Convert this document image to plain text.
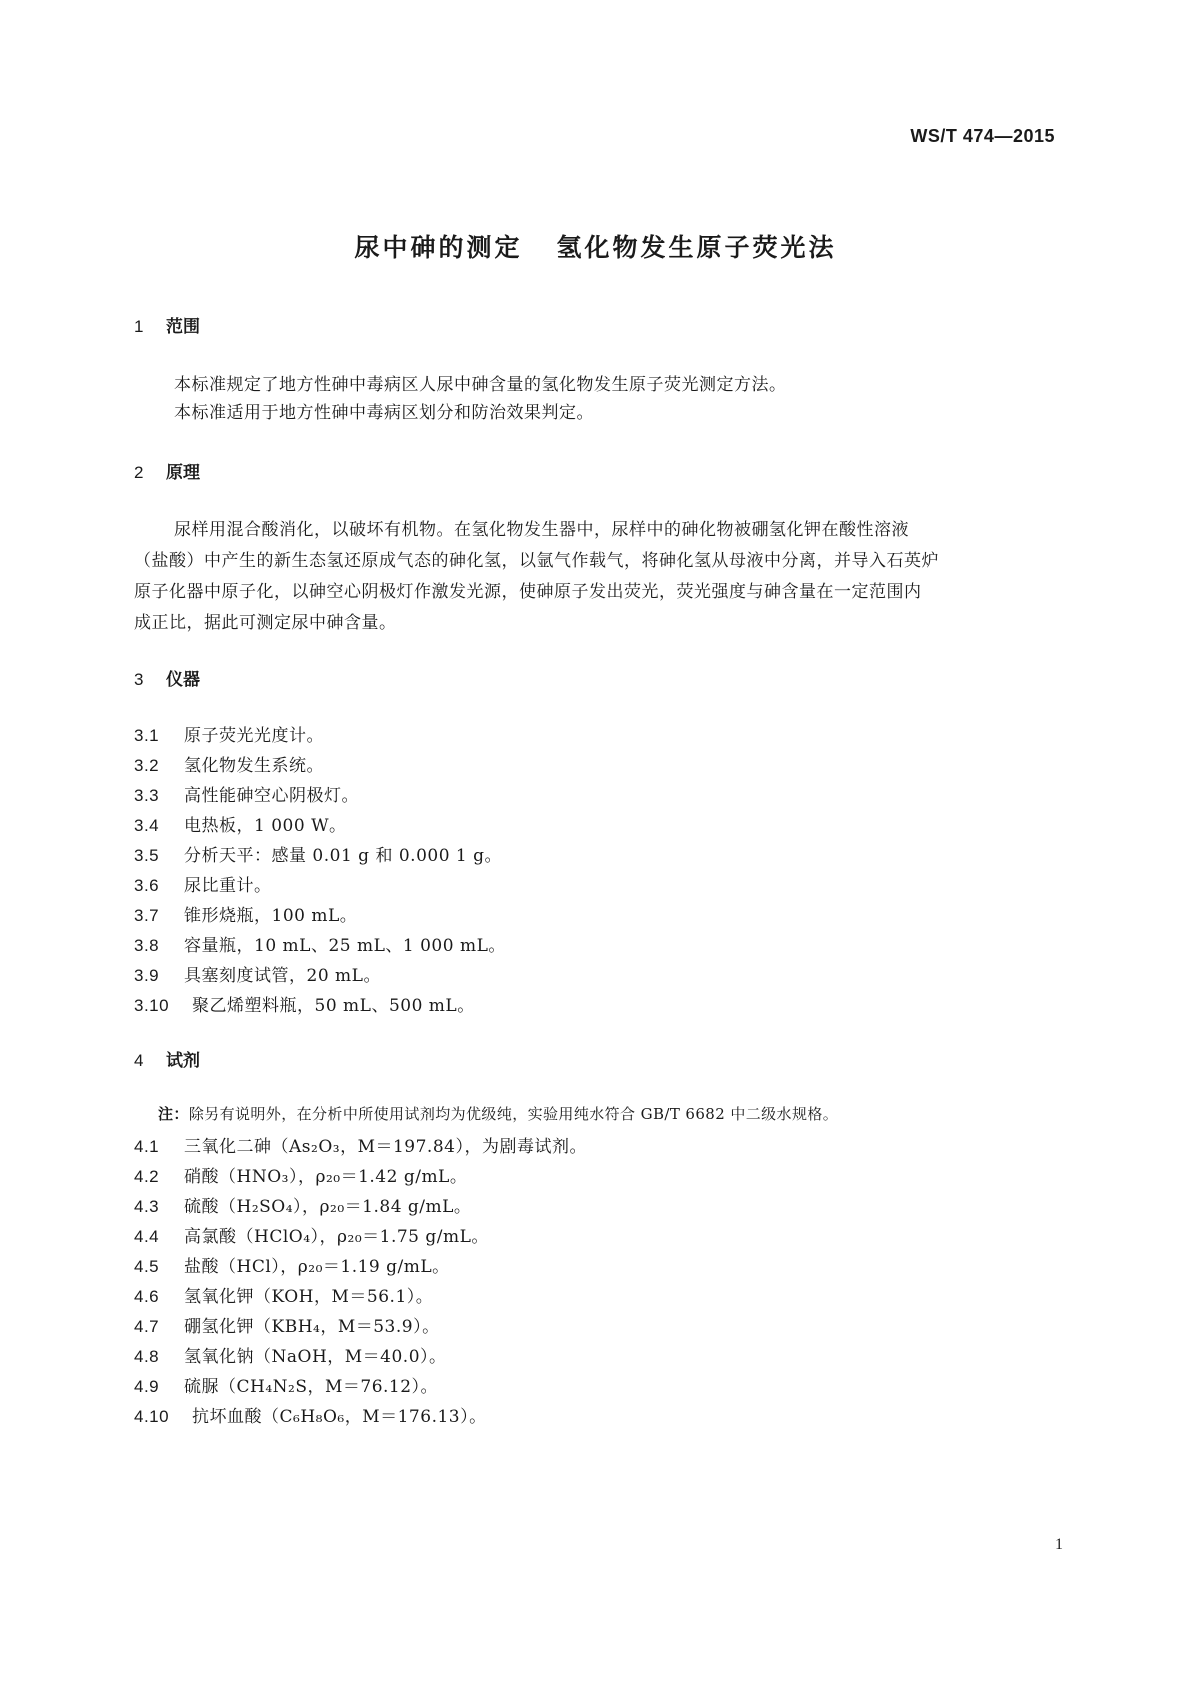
WS/T 474—2015
尿中砷的测定 氢化物发生原子荧光法
1 范围
本标准规定了地方性砷中毒病区人尿中砷含量的氢化物发生原子荧光测定方法。
本标准适用于地方性砷中毒病区划分和防治效果判定。
2 原理
尿样用混合酸消化，以破坏有机物。在氢化物发生器中，尿样中的砷化物被硼氢化钾在酸性溶液
（盐酸）中产生的新生态氢还原成气态的砷化氢，以氩气作载气，将砷化氢从母液中分离，并导入石英炉
原子化器中原子化，以砷空心阴极灯作激发光源，使砷原子发出荧光，荧光强度与砷含量在一定范围内
成正比，据此可测定尿中砷含量。
3 仪器
3.1 原子荧光光度计。
3.2 氢化物发生系统。
3.3 高性能砷空心阴极灯。
3.4 电热板，1 000 W。
3.5 分析天平：感量 0.01 g 和 0.000 1 g。
3.6 尿比重计。
3.7 锥形烧瓶，100 mL。
3.8 容量瓶，10 mL、25 mL、1 000 mL。
3.9 具塞刻度试管，20 mL。
3.10 聚乙烯塑料瓶，50 mL、500 mL。
4 试剂
注：除另有说明外，在分析中所使用试剂均为优级纯，实验用纯水符合 GB/T 6682 中二级水规格。
4.1 三氧化二砷（As₂O₃，M＝197.84），为剧毒试剂。
4.2 硝酸（HNO₃），ρ₂₀＝1.42 g/mL。
4.3 硫酸（H₂SO₄），ρ₂₀＝1.84 g/mL。
4.4 高氯酸（HClO₄），ρ₂₀＝1.75 g/mL。
4.5 盐酸（HCl），ρ₂₀＝1.19 g/mL。
4.6 氢氧化钾（KOH，M＝56.1）。
4.7 硼氢化钾（KBH₄，M＝53.9）。
4.8 氢氧化钠（NaOH，M＝40.0）。
4.9 硫脲（CH₄N₂S，M＝76.12）。
4.10 抗坏血酸（C₆H₈O₆，M＝176.13）。
1
